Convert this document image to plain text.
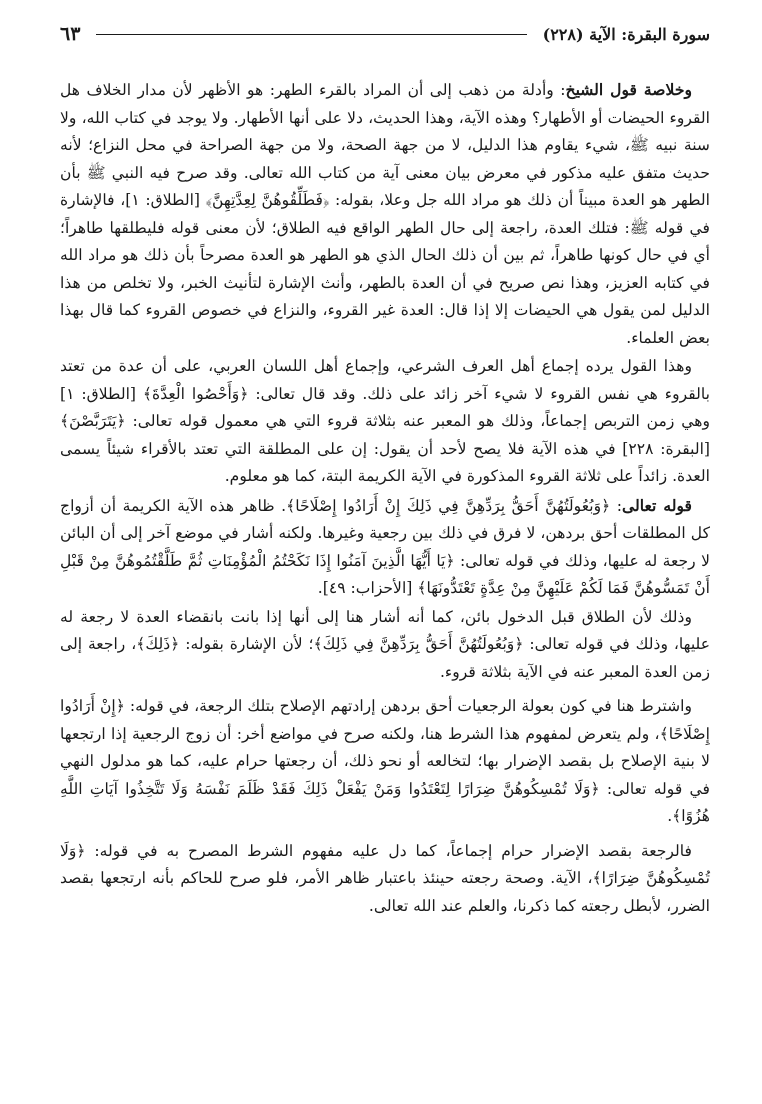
سورة البقرة: الآية (٢٢٨)
٦٣

وخلاصة قول الشيخ: وأدلة من ذهب إلى أن المراد بالقرء الطهر: هو الأظهر لأن مدار الخلاف هل القروء الحيضات أو الأطهار؟ وهذه الآية، وهذا الحديث، دلا على أنها الأطهار. ولا يوجد في كتاب الله، ولا سنة نبيه ﷺ، شيء يقاوم هذا الدليل، لا من جهة الصحة، ولا من جهة الصراحة في محل النزاع؛ لأنه حديث متفق عليه مذكور في معرض بيان معنى آية من كتاب الله تعالى. وقد صرح فيه النبي ﷺ بأن الطهر هو العدة مبيناً أن ذلك هو مراد الله جل وعلا، بقوله: ﴿فَطَلِّقُوهُنَّ لِعِدَّتِهِنَّ﴾ [الطلاق: ١]، فالإشارة في قوله ﷺ: فتلك العدة، راجعة إلى حال الطهر الواقع فيه الطلاق؛ لأن معنى قوله فليطلقها طاهراً؛ أي في حال كونها طاهراً، ثم بين أن ذلك الحال الذي هو الطهر هو العدة مصرحاً بأن ذلك هو مراد الله في كتابه العزيز، وهذا نص صريح في أن العدة بالطهر، وأنث الإشارة لتأنيث الخبر، ولا تخلص من هذا الدليل لمن يقول هي الحيضات إلا إذا قال: العدة غير القروء، والنزاع في خصوص القروء كما قال بهذا بعض العلماء.

وهذا القول يرده إجماع أهل العرف الشرعي، وإجماع أهل اللسان العربي، على أن عدة من تعتد بالقروء هي نفس القروء لا شيء آخر زائد على ذلك. وقد قال تعالى: ﴿وَأَحْصُوا الْعِدَّةَ﴾ [الطلاق: ١] وهي زمن التربص إجماعاً، وذلك هو المعبر عنه بثلاثة قروء التي هي معمول قوله تعالى: ﴿يَتَرَبَّصْنَ﴾ [البقرة: ٢٢٨] في هذه الآية فلا يصح لأحد أن يقول: إن على المطلقة التي تعتد بالأقراء شيئاً يسمى العدة. زائداً على ثلاثة القروء المذكورة في الآية الكريمة البتة، كما هو معلوم.

قوله تعالى: ﴿وَبُعُولَتُهُنَّ أَحَقُّ بِرَدِّهِنَّ فِي ذَلِكَ إِنْ أَرَادُوا إِصْلَاحًا﴾. ظاهر هذه الآية الكريمة أن أزواج كل المطلقات أحق بردهن، لا فرق في ذلك بين رجعية وغيرها. ولكنه أشار في موضع آخر إلى أن البائن لا رجعة له عليها، وذلك في قوله تعالى: ﴿يَا أَيُّهَا الَّذِينَ آمَنُوا إِذَا نَكَحْتُمُ الْمُؤْمِنَاتِ ثُمَّ طَلَّقْتُمُوهُنَّ مِنْ قَبْلِ أَنْ تَمَسُّوهُنَّ فَمَا لَكُمْ عَلَيْهِنَّ مِنْ عِدَّةٍ تَعْتَدُّونَهَا﴾ [الأحزاب: ٤٩].

وذلك لأن الطلاق قبل الدخول بائن، كما أنه أشار هنا إلى أنها إذا بانت بانقضاء العدة لا رجعة له عليها، وذلك في قوله تعالى: ﴿وَبُعُولَتُهُنَّ أَحَقُّ بِرَدِّهِنَّ فِي ذَلِكَ﴾؛ لأن الإشارة بقوله: ﴿ذَلِكَ﴾، راجعة إلى زمن العدة المعبر عنه في الآية بثلاثة قروء.

واشترط هنا في كون بعولة الرجعيات أحق بردهن إرادتهم الإصلاح بتلك الرجعة، في قوله: ﴿إِنْ أَرَادُوا إِصْلَاحًا﴾، ولم يتعرض لمفهوم هذا الشرط هنا، ولكنه صرح في مواضع أخر: أن زوج الرجعية إذا ارتجعها لا بنية الإصلاح بل بقصد الإضرار بها؛ لتخالعه أو نحو ذلك، أن رجعتها حرام عليه، كما هو مدلول النهي في قوله تعالى: ﴿وَلَا تُمْسِكُوهُنَّ ضِرَارًا لِتَعْتَدُوا وَمَنْ يَفْعَلْ ذَلِكَ فَقَدْ ظَلَمَ نَفْسَهُ وَلَا تَتَّخِذُوا آيَاتِ اللَّهِ هُزُوًا﴾.

فالرجعة بقصد الإضرار حرام إجماعاً، كما دل عليه مفهوم الشرط المصرح به في قوله: ﴿وَلَا تُمْسِكُوهُنَّ ضِرَارًا﴾، الآية. وصحة رجعته حينئذ باعتبار ظاهر الأمر، فلو صرح للحاكم بأنه ارتجعها بقصد الضرر، لأبطل رجعته كما ذكرنا، والعلم عند الله تعالى.
